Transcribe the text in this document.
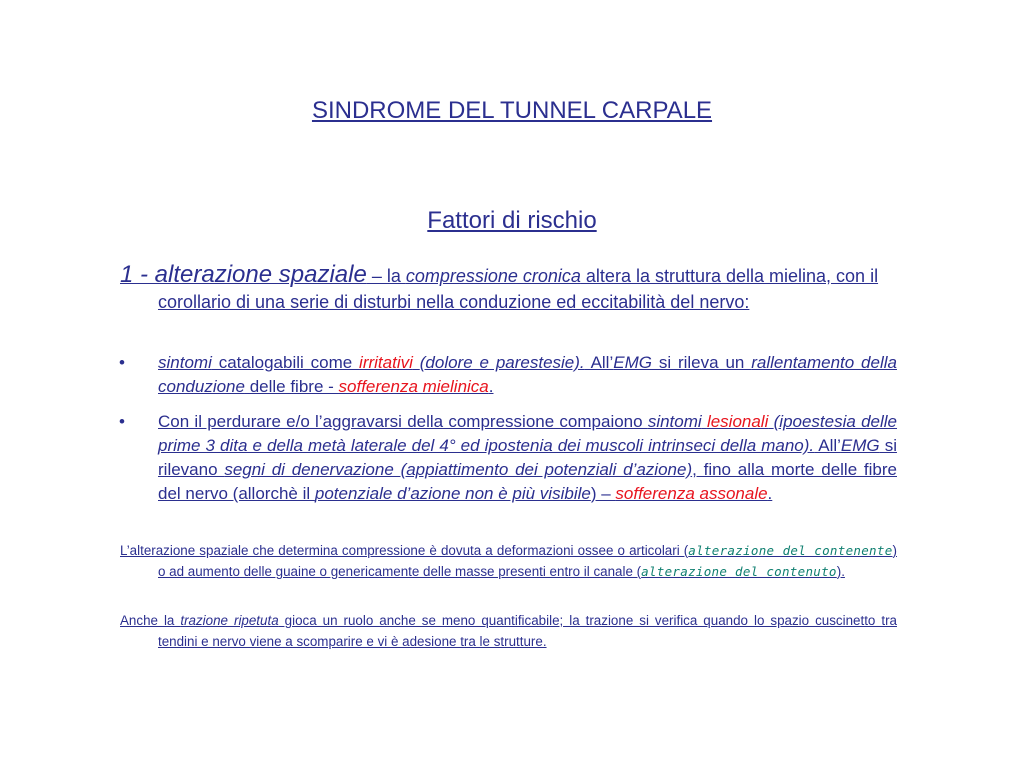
SINDROME DEL TUNNEL CARPALE
Fattori di rischio
1 - alterazione spaziale – la compressione cronica altera la struttura della mielina, con il corollario di una serie di disturbi nella conduzione ed eccitabilità del nervo:
• sintomi catalogabili come irritativi (dolore e parestesie). All’EMG si rileva un rallentamento della conduzione delle fibre - sofferenza mielinica.
• Con il perdurare e/o l’aggravarsi della compressione compaiono sintomi lesionali (ipoestesia delle prime 3 dita e della metà laterale del 4° ed ipostenia dei muscoli intrinseci della mano). All’EMG si rilevano segni di denervazione (appiattimento dei potenziali d’azione), fino alla morte delle fibre del nervo (allorchè il potenziale d’azione non è più visibile) – sofferenza assonale.
L’alterazione spaziale che determina compressione è dovuta a deformazioni ossee o articolari (alterazione del contenente) o ad aumento delle guaine o genericamente delle masse presenti entro il canale (alterazione del contenuto).
Anche la trazione ripetuta gioca un ruolo anche se meno quantificabile; la trazione si verifica quando lo spazio cuscinetto tra tendini e nervo viene a scomparire e vi è adesione tra le strutture.
